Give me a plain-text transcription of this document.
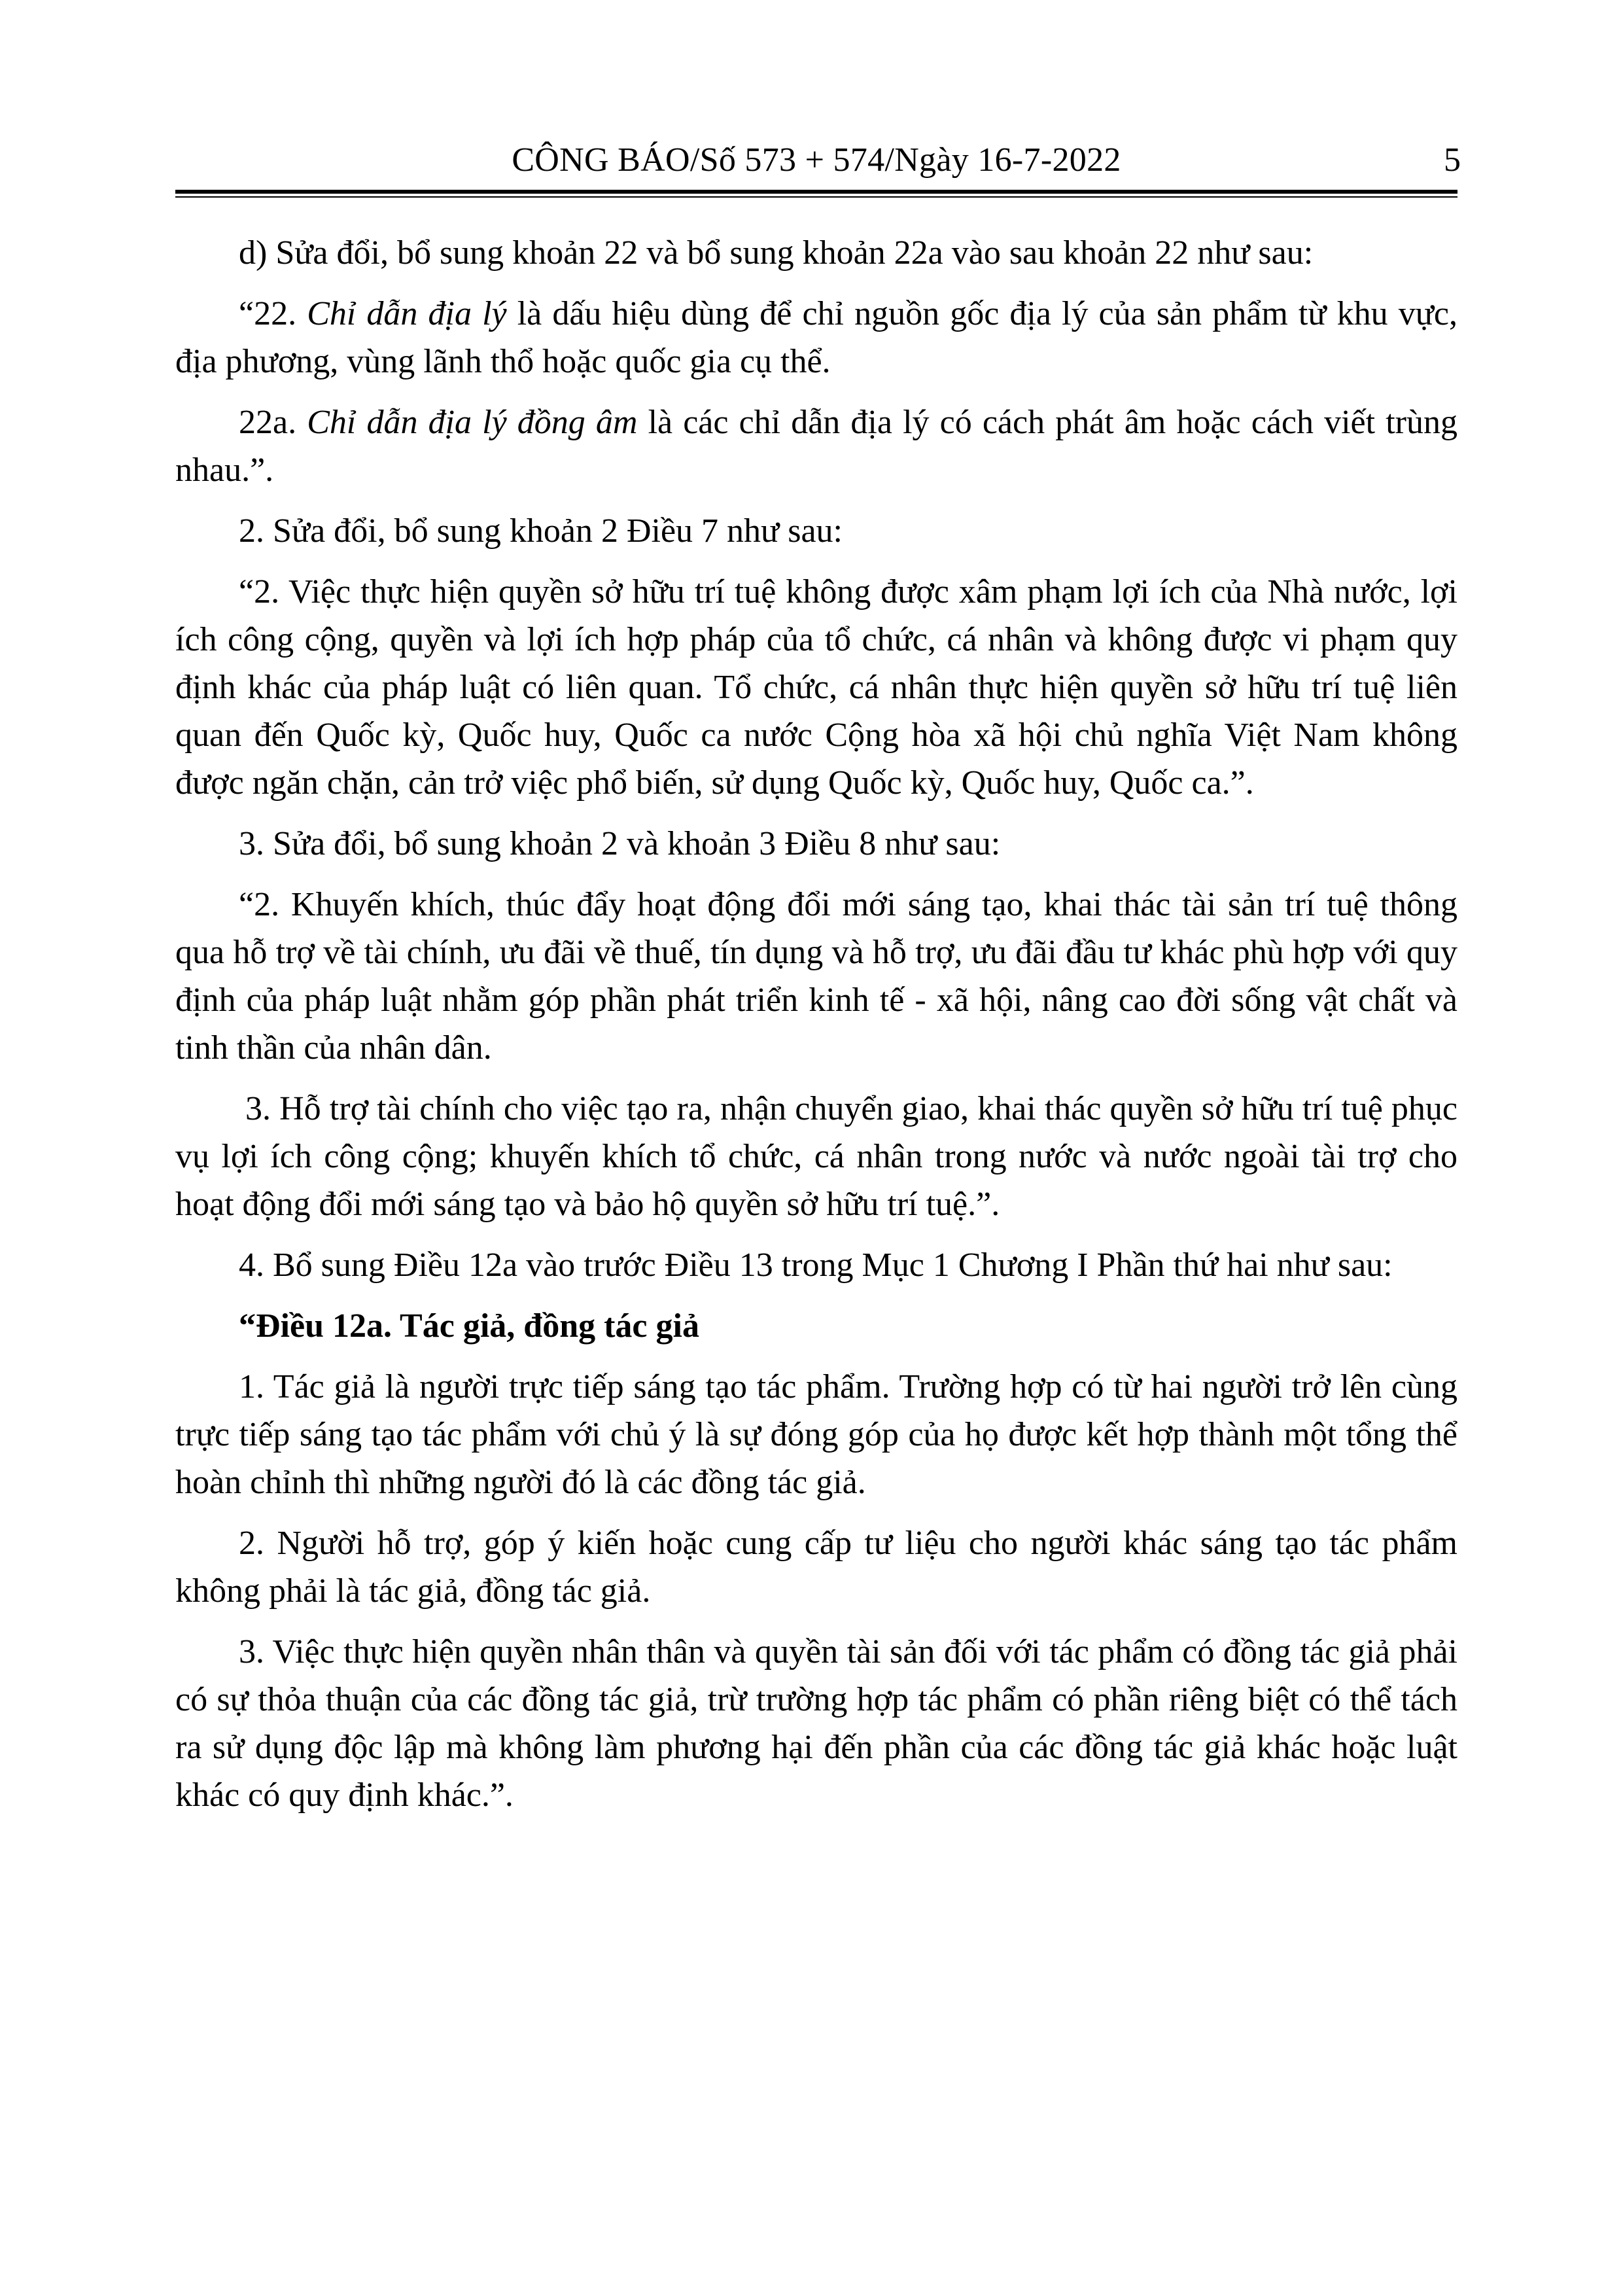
CÔNG BÁO/Số 573 + 574/Ngày 16-7-2022	5

d) Sửa đổi, bổ sung khoản 22 và bổ sung khoản 22a vào sau khoản 22 như sau:

“22. Chỉ dẫn địa lý là dấu hiệu dùng để chỉ nguồn gốc địa lý của sản phẩm từ khu vực, địa phương, vùng lãnh thổ hoặc quốc gia cụ thể.

22a. Chỉ dẫn địa lý đồng âm là các chỉ dẫn địa lý có cách phát âm hoặc cách viết trùng nhau.”.

2. Sửa đổi, bổ sung khoản 2 Điều 7 như sau:

“2. Việc thực hiện quyền sở hữu trí tuệ không được xâm phạm lợi ích của Nhà nước, lợi ích công cộng, quyền và lợi ích hợp pháp của tổ chức, cá nhân và không được vi phạm quy định khác của pháp luật có liên quan. Tổ chức, cá nhân thực hiện quyền sở hữu trí tuệ liên quan đến Quốc kỳ, Quốc huy, Quốc ca nước Cộng hòa xã hội chủ nghĩa Việt Nam không được ngăn chặn, cản trở việc phổ biến, sử dụng Quốc kỳ, Quốc huy, Quốc ca.”.

3. Sửa đổi, bổ sung khoản 2 và khoản 3 Điều 8 như sau:

“2. Khuyến khích, thúc đẩy hoạt động đổi mới sáng tạo, khai thác tài sản trí tuệ thông qua hỗ trợ về tài chính, ưu đãi về thuế, tín dụng và hỗ trợ, ưu đãi đầu tư khác phù hợp với quy định của pháp luật nhằm góp phần phát triển kinh tế - xã hội, nâng cao đời sống vật chất và tinh thần của nhân dân.

3. Hỗ trợ tài chính cho việc tạo ra, nhận chuyển giao, khai thác quyền sở hữu trí tuệ phục vụ lợi ích công cộng; khuyến khích tổ chức, cá nhân trong nước và nước ngoài tài trợ cho hoạt động đổi mới sáng tạo và bảo hộ quyền sở hữu trí tuệ.”.

4. Bổ sung Điều 12a vào trước Điều 13 trong Mục 1 Chương I Phần thứ hai như sau:

“Điều 12a. Tác giả, đồng tác giả

1. Tác giả là người trực tiếp sáng tạo tác phẩm. Trường hợp có từ hai người trở lên cùng trực tiếp sáng tạo tác phẩm với chủ ý là sự đóng góp của họ được kết hợp thành một tổng thể hoàn chỉnh thì những người đó là các đồng tác giả.

2. Người hỗ trợ, góp ý kiến hoặc cung cấp tư liệu cho người khác sáng tạo tác phẩm không phải là tác giả, đồng tác giả.

3. Việc thực hiện quyền nhân thân và quyền tài sản đối với tác phẩm có đồng tác giả phải có sự thỏa thuận của các đồng tác giả, trừ trường hợp tác phẩm có phần riêng biệt có thể tách ra sử dụng độc lập mà không làm phương hại đến phần của các đồng tác giả khác hoặc luật khác có quy định khác.”.
